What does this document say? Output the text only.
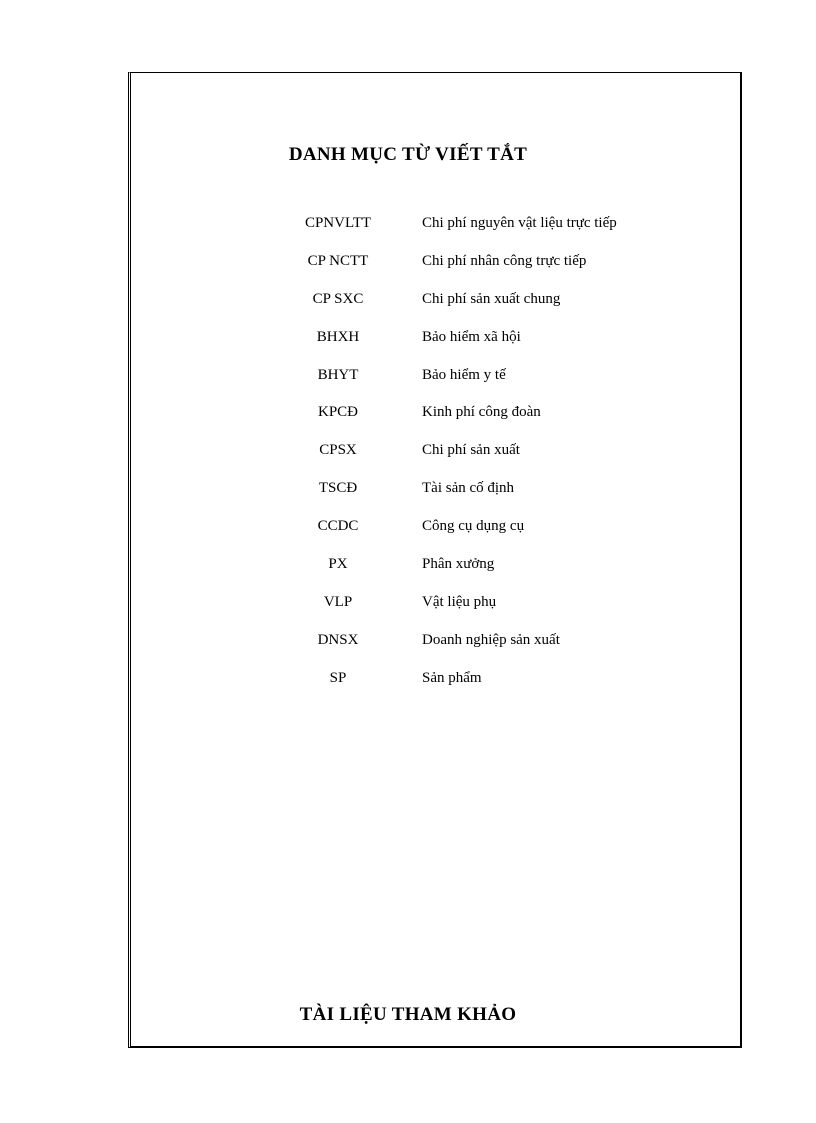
DANH MỤC TỪ VIẾT TẮT
CPNVLTT	Chi phí nguyên vật liệu trực tiếp
CP NCTT	Chi phí nhân công trực tiếp
CP SXC	Chi phí sản xuất chung
BHXH	Bảo hiểm xã hội
BHYT	Bảo hiểm y tế
KPCĐ	Kinh phí công đoàn
CPSX	Chi phí sản xuất
TSCĐ	Tài sản cố định
CCDC	Công cụ dụng cụ
PX	Phân xưởng
VLP	Vật liệu phụ
DNSX	Doanh nghiệp sản xuất
SP	Sản phẩm
TÀI LIỆU THAM KHẢO
